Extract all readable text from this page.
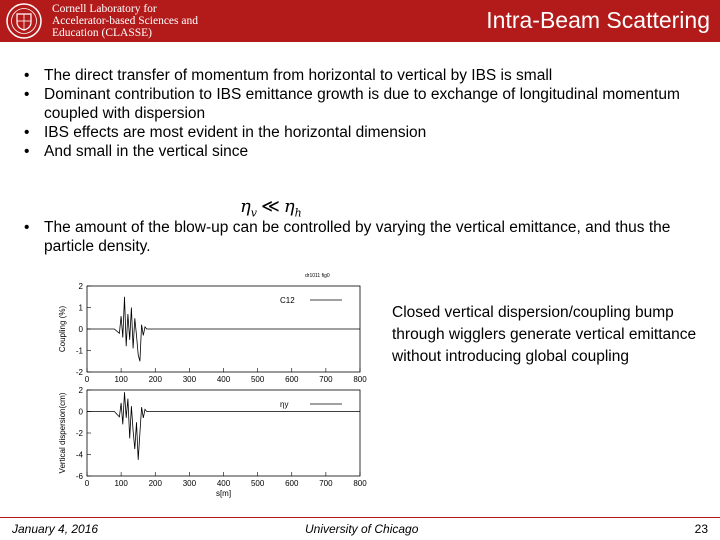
Cornell Laboratory for
Accelerator-based Sciences and
Education (CLASSE)	Intra-Beam Scattering
• The direct transfer of momentum from horizontal to vertical by IBS is small
• Dominant contribution to IBS emittance growth is due to exchange of longitudinal momentum coupled with dispersion
• IBS effects are most evident in the horizontal dimension
• And small in the vertical since
$\eta_v$ ≪ $\eta_h$
• The amount of the blow-up can be controlled by varying the vertical emittance, and thus the particle density.
dr1011 fig0
2
1
0
-1
-2
0	100	200	300	400	500	600	700	800
Coupling (%)
C12
2
0
-2
-4
-6
0	100	200	300	400	500	600	700	800
Vertical dispersion(cm)
s[m]
ηy
Closed vertical dispersion/coupling bump through wigglers generate vertical emittance without introducing global coupling
January 4, 2016	University of Chicago	23
